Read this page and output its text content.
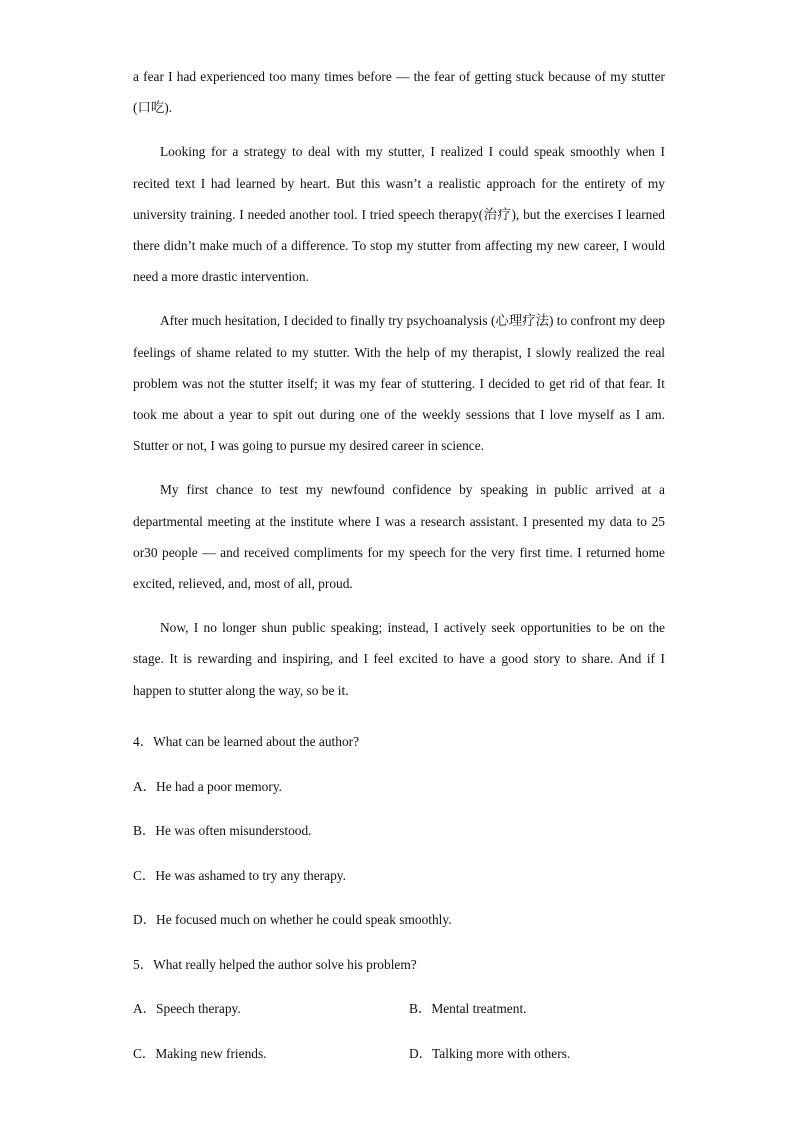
a fear I had experienced too many times before — the fear of getting stuck because of my stutter (口吃).

Looking for a strategy to deal with my stutter, I realized I could speak smoothly when I recited text I had learned by heart. But this wasn’t a realistic approach for the entirety of my university training. I needed another tool. I tried speech therapy(治疗), but the exercises I learned there didn’t make much of a difference. To stop my stutter from affecting my new career, I would need a more drastic intervention.

After much hesitation, I decided to finally try psychoanalysis (心理疗法) to confront my deep feelings of shame related to my stutter. With the help of my therapist, I slowly realized the real problem was not the stutter itself; it was my fear of stuttering. I decided to get rid of that fear. It took me about a year to spit out during one of the weekly sessions that I love myself as I am. Stutter or not, I was going to pursue my desired career in science.

My first chance to test my newfound confidence by speaking in public arrived at a departmental meeting at the institute where I was a research assistant. I presented my data to 25 or30 people — and received compliments for my speech for the very first time. I returned home excited, relieved, and, most of all, proud.

Now, I no longer shun public speaking; instead, I actively seek opportunities to be on the stage. It is rewarding and inspiring, and I feel excited to have a good story to share. And if I happen to stutter along the way, so be it.

4．What can be learned about the author?

A．He had a poor memory.

B．He was often misunderstood.

C．He was ashamed to try any therapy.

D．He focused much on whether he could speak smoothly.

5．What really helped the author solve his problem?

A．Speech therapy.	B．Mental treatment.

C．Making new friends.	D．Talking more with others.
